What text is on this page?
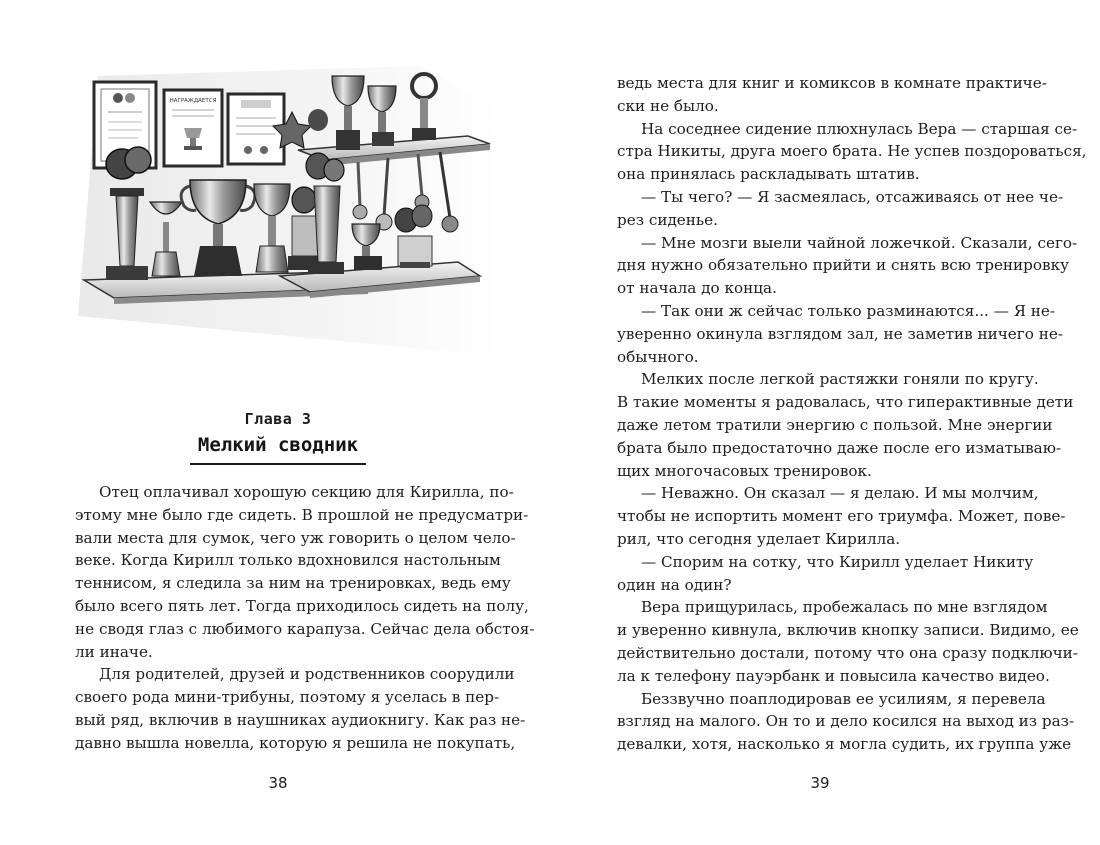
НАГРАЖДАЕТСЯ
Глава 3
Мелкий сводник
Отец оплачивал хорошую секцию для Кирилла, по-
этому мне было где сидеть. В прошлой не предусматри-
вали места для сумок, чего уж говорить о целом чело-
веке. Когда Кирилл только вдохновился настольным
теннисом, я следила за ним на тренировках, ведь ему
было всего пять лет. Тогда приходилось сидеть на полу,
не сводя глаз с любимого карапуза. Сейчас дела обстоя-
ли иначе.
Для родителей, друзей и родственников соорудили
своего рода мини-трибуны, поэтому я уселась в пер-
вый ряд, включив в наушниках аудиокнигу. Как раз не-
давно вышла новелла, которую я решила не покупать,
38
ведь места для книг и комиксов в комнате практиче-
ски не было.
На соседнее сидение плюхнулась Вера — старшая се-
стра Никиты, друга моего брата. Не успев поздороваться,
она принялась раскладывать штатив.
— Ты чего? — Я засмеялась, отсаживаясь от нее че-
рез сиденье.
— Мне мозги выели чайной ложечкой. Сказали, сего-
дня нужно обязательно прийти и снять всю тренировку
от начала до конца.
— Так они ж сейчас только разминаются... — Я не-
уверенно окинула взглядом зал, не заметив ничего не-
обычного.
Мелких после легкой растяжки гоняли по кругу.
В такие моменты я радовалась, что гиперактивные дети
даже летом тратили энергию с пользой. Мне энергии
брата было предостаточно даже после его изматываю-
щих многочасовых тренировок.
— Неважно. Он сказал — я делаю. И мы молчим,
чтобы не испортить момент его триумфа. Может, пове-
рил, что сегодня уделает Кирилла.
— Спорим на сотку, что Кирилл уделает Никиту
один на один?
Вера прищурилась, пробежалась по мне взглядом
и уверенно кивнула, включив кнопку записи. Видимо, ее
действительно достали, потому что она сразу подключи-
ла к телефону пауэрбанк и повысила качество видео.
Беззвучно поаплодировав ее усилиям, я перевела
взгляд на малого. Он то и дело косился на выход из раз-
девалки, хотя, насколько я могла судить, их группа уже
39
